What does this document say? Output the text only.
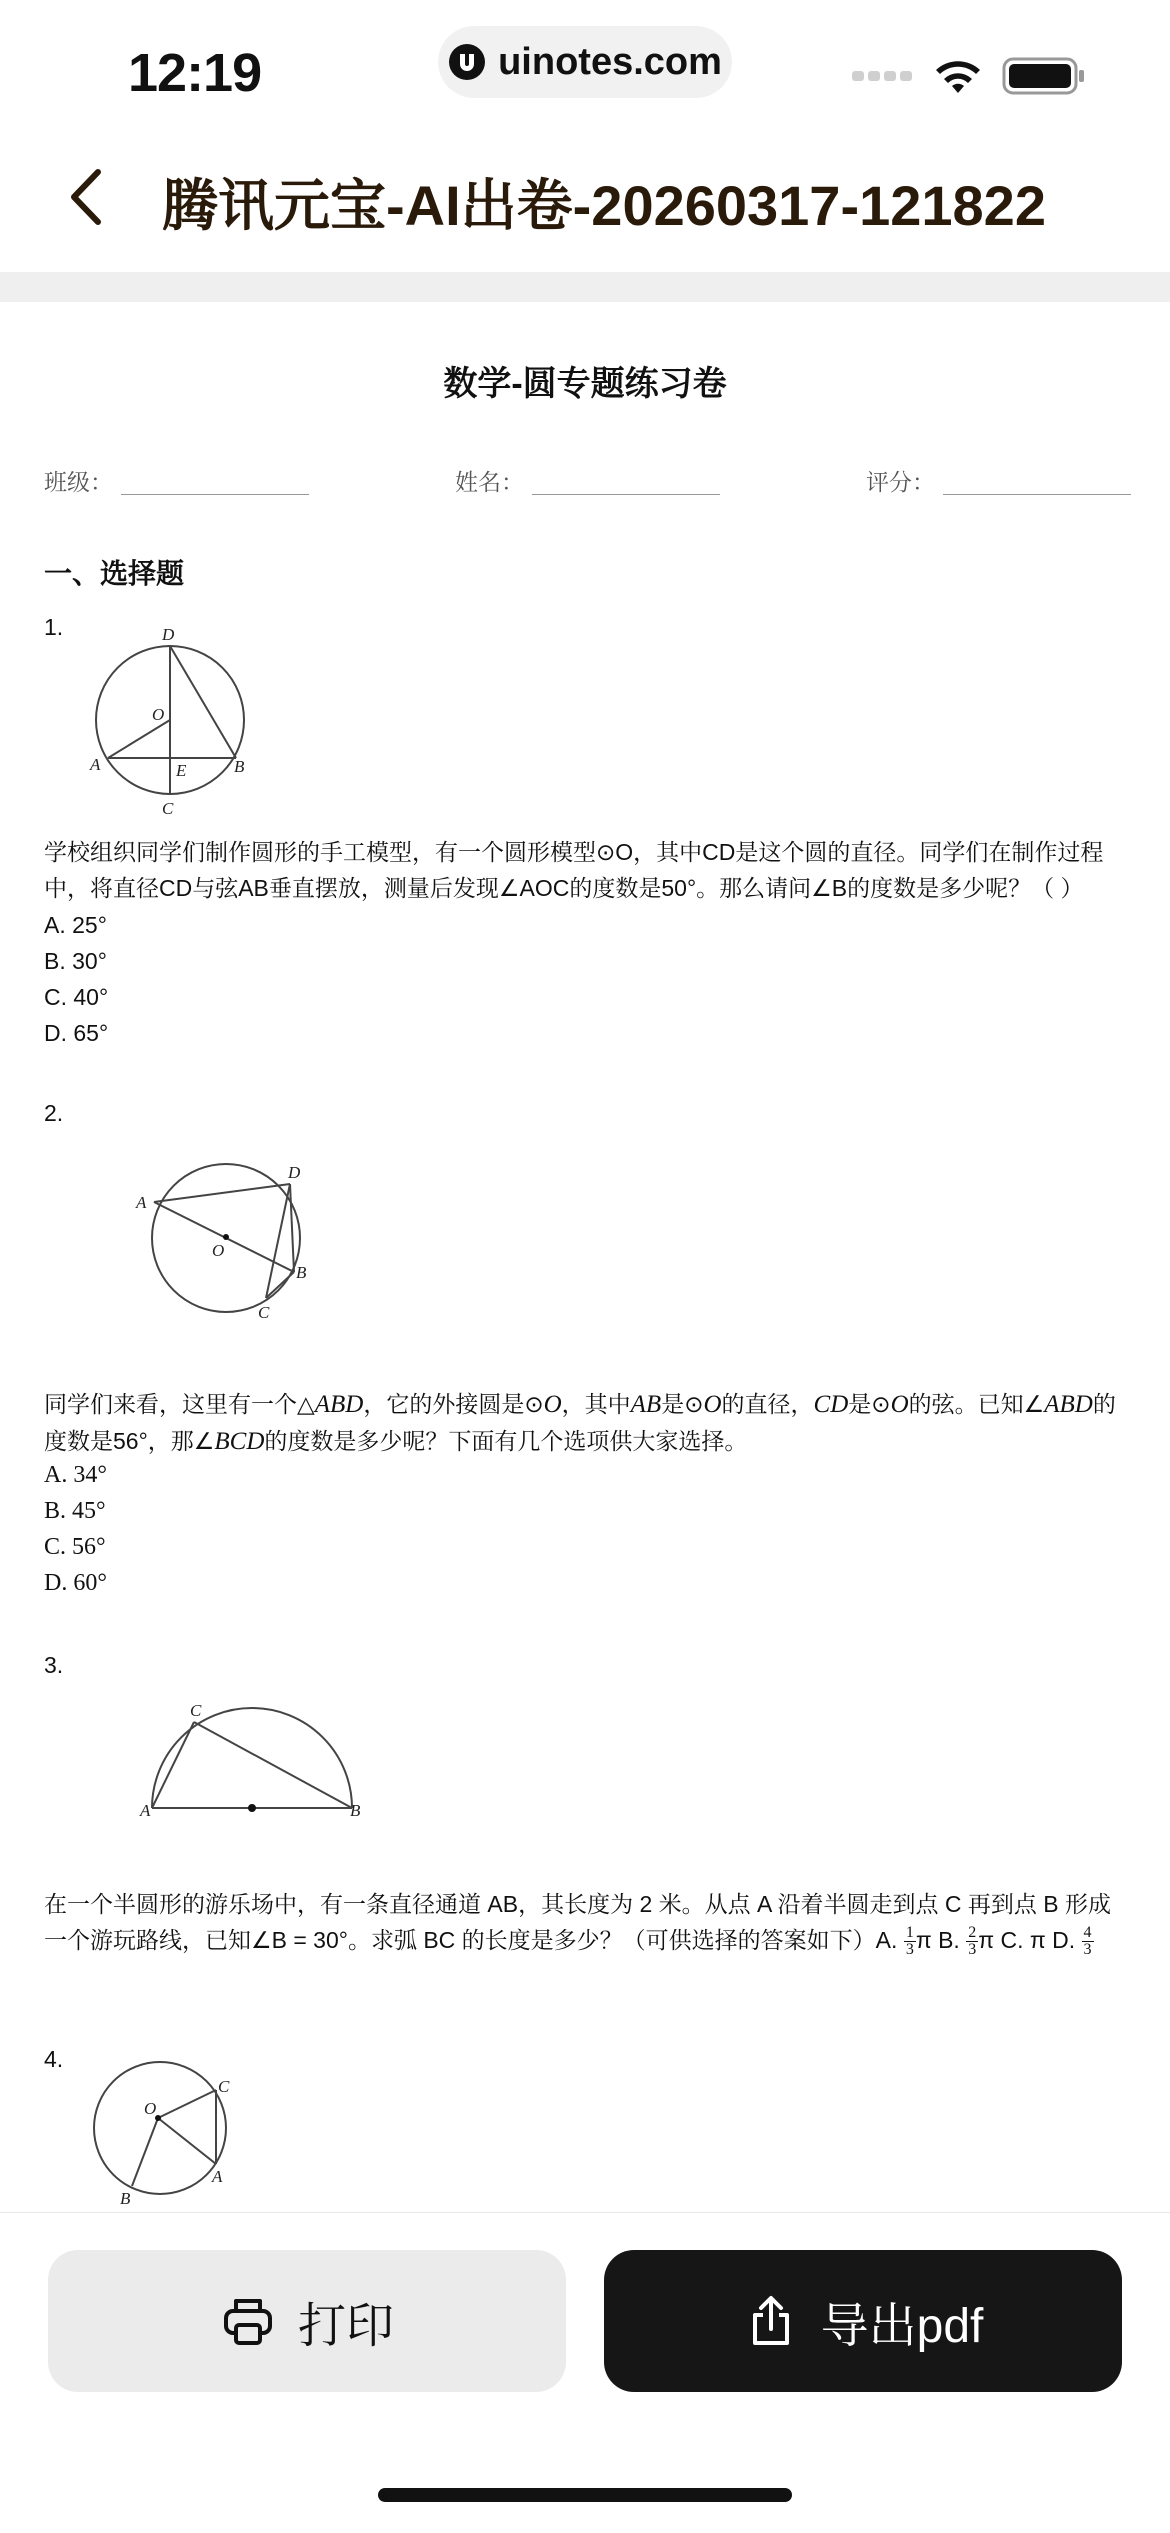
12:19	uinotes.com
腾讯元宝-AI出卷-20260317-121822
数学-圆专题练习卷
班级：	姓名：	评分：
一、选择题
1.	D
O
A	E	B
C
学校组织同学们制作圆形的手工模型，有一个圆形模型⊙O，其中CD是这个圆的直径。同学们在制作过程中，将直径CD与弦AB垂直摆放，测量后发现∠AOC的度数是50°。那么请问∠B的度数是多少呢？（ ）
A. 25°
B. 30°
C. 40°
D. 65°
2.
A
D
O
B
C
同学们来看，这里有一个△ABD，它的外接圆是⊙O，其中AB是⊙O的直径，CD是⊙O的弦。已知∠ABD的度数是56°，那∠BCD的度数是多少呢？下面有几个选项供大家选择。
A. 34°
B. 45°
C. 56°
D. 60°
3.
C
A	B
在一个半圆形的游乐场中，有一条直径通道 AB，其长度为 2 米。从点 A 沿着半圆走到点 C 再到点 B 形成一个游玩路线，已知∠B = 30°。求弧 BC 的长度是多少？（可供选择的答案如下）A. $\frac{1}{3}$ π B. $\frac{2}{3}$ π C. π D. $\frac{4}{3}$
4.
O
C
A
B
打印	导出pdf
